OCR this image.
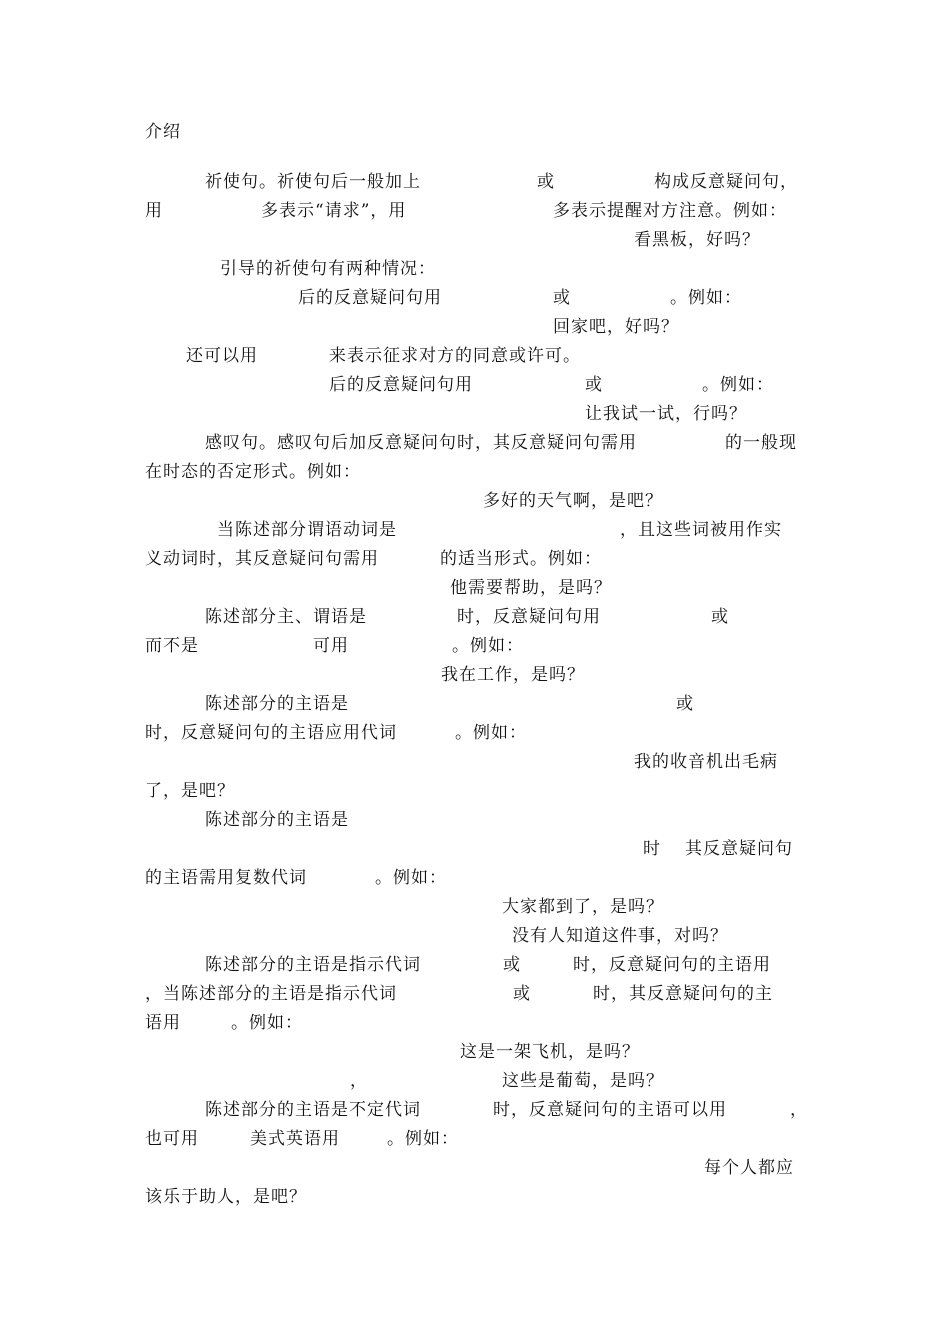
介绍
祈使句。祈使句后一般加上	或	构成反意疑问句，
用	多表示“请求”，用	多表示提醒对方注意。例如：
看黑板，好吗？
引导的祈使句有两种情况：
后的反意疑问句用	或	。例如：
回家吧，好吗？
还可以用	来表示征求对方的同意或许可。
后的反意疑问句用	或	。例如：
让我试一试，行吗？
感叹句。感叹句后加反意疑问句时，其反意疑问句需用	的一般现
在时态的否定形式。例如：
多好的天气啊，是吧？
当陈述部分谓语动词是	，且这些词被用作实
义动词时，其反意疑问句需用	的适当形式。例如：
他需要帮助，是吗？
陈述部分主、谓语是	时，反意疑问句用	或
而不是	可用	。例如：
我在工作，是吗？
陈述部分的主语是	或
时，反意疑问句的主语应用代词	。例如：
我的收音机出毛病
了，是吧？
陈述部分的主语是
时 其反意疑问句
的主语需用复数代词	。例如：
大家都到了，是吗？
没有人知道这件事，对吗？
陈述部分的主语是指示代词	或	时，反意疑问句的主语用
，当陈述部分的主语是指示代词	或	时，其反意疑问句的主
语用	。例如：
这是一架飞机，是吗？
，	这些是葡萄，是吗？
陈述部分的主语是不定代词	时，反意疑问句的主语可以用	，
也可用	美式英语用	。例如：
每个人都应
该乐于助人，是吧？
